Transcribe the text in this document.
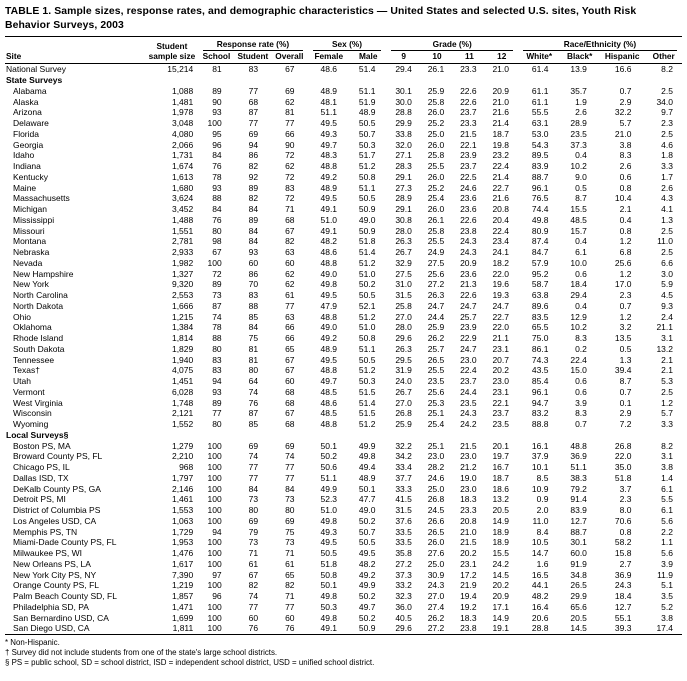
TABLE 1. Sample sizes, response rates, and demographic characteristics — United States and selected U.S. sites, Youth Risk Behavior Surveys, 2003
	Student	Response rate (%)			Sex (%)		Grade (%)				Race/Ethnicity (%)			

Site	sample size	School	Student	Overall	Female	Male	9	10	11	12	White*	Black*	Hispanic	Other
National Survey	15,214	81	83	67	48.6	51.4	29.4	26.1	23.3	21.0	61.4	13.9	16.6	8.2
State Surveys														
Alabama	1,088	89	77	69	48.9	51.1	30.1	25.9	22.6	20.9	61.1	35.7	0.7	2.5
Alaska	1,481	90	68	62	48.1	51.9	30.0	25.8	22.6	21.0	61.1	1.9	2.9	34.0
Arizona	1,978	93	87	81	51.1	48.9	28.8	26.0	23.7	21.6	55.5	2.6	32.2	9.7
Delaware	3,048	100	77	77	49.5	50.5	29.9	25.2	23.3	21.4	63.1	28.9	5.7	2.3
Florida	4,080	95	69	66	49.3	50.7	33.8	25.0	21.5	18.7	53.0	23.5	21.0	2.5
Georgia	2,066	96	94	90	49.7	50.3	32.0	26.0	22.1	19.8	54.3	37.3	3.8	4.6
Idaho	1,731	84	86	72	48.3	51.7	27.1	25.8	23.9	23.2	89.5	0.4	8.3	1.8
Indiana	1,674	76	82	62	48.8	51.2	28.3	25.5	23.7	22.4	83.9	10.2	2.6	3.3
Kentucky	1,613	78	92	72	49.2	50.8	29.1	26.0	22.5	21.4	88.7	9.0	0.6	1.7
Maine	1,680	93	89	83	48.9	51.1	27.3	25.2	24.6	22.7	96.1	0.5	0.8	2.6
Massachusetts	3,624	88	82	72	49.5	50.5	28.9	25.4	23.6	21.6	76.5	8.7	10.4	4.3
Michigan	3,452	84	84	71	49.1	50.9	29.1	26.0	23.6	20.8	74.4	15.5	2.1	4.1
Mississippi	1,488	76	89	68	51.0	49.0	30.8	26.1	22.6	20.4	49.8	48.5	0.4	1.3
Missouri	1,551	80	84	67	49.1	50.9	28.0	25.8	23.8	22.4	80.9	15.7	0.8	2.5
Montana	2,781	98	84	82	48.2	51.8	26.3	25.5	24.3	23.4	87.4	0.4	1.2	11.0
Nebraska	2,933	67	93	63	48.6	51.4	26.7	24.9	24.3	24.1	84.7	6.1	6.8	2.5
Nevada	1,982	100	60	60	48.8	51.2	32.9	27.5	20.9	18.2	57.9	10.0	25.6	6.6
New Hampshire	1,327	72	86	62	49.0	51.0	27.5	25.6	23.6	22.0	95.2	0.6	1.2	3.0
New York	9,320	89	70	62	49.8	50.2	31.0	27.2	21.3	19.6	58.7	18.4	17.0	5.9
North Carolina	2,553	73	83	61	49.5	50.5	31.5	26.3	22.6	19.3	63.8	29.4	2.3	4.5
North Dakota	1,666	87	88	77	47.9	52.1	25.8	24.7	24.7	24.7	89.6	0.4	0.7	9.3
Ohio	1,215	74	85	63	48.8	51.2	27.0	24.4	25.7	22.7	83.5	12.9	1.2	2.4
Oklahoma	1,384	78	84	66	49.0	51.0	28.0	25.9	23.9	22.0	65.5	10.2	3.2	21.1
Rhode Island	1,814	88	75	66	49.2	50.8	29.6	26.2	22.9	21.1	75.0	8.3	13.5	3.1
South Dakota	1,829	80	81	65	48.9	51.1	26.3	25.7	24.7	23.1	86.1	0.2	0.5	13.2
Tennessee	1,940	83	81	67	49.5	50.5	29.5	26.5	23.0	20.7	74.3	22.4	1.3	2.1
Texas†	4,075	83	80	67	48.8	51.2	31.9	25.5	22.4	20.2	43.5	15.0	39.4	2.1
Utah	1,451	94	64	60	49.7	50.3	24.0	23.5	23.7	23.0	85.4	0.6	8.7	5.3
Vermont	6,028	93	74	68	48.5	51.5	26.7	25.6	24.4	23.1	96.1	0.6	0.7	2.5
West Virginia	1,748	89	76	68	48.6	51.4	27.0	25.3	23.5	22.1	94.7	3.9	0.1	1.2
Wisconsin	2,121	77	87	67	48.5	51.5	26.8	25.1	24.3	23.7	83.2	8.3	2.9	5.7
Wyoming	1,552	80	85	68	48.8	51.2	25.9	25.4	24.2	23.5	88.8	0.7	7.2	3.3
Local Surveys§														
Boston PS, MA	1,279	100	69	69	50.1	49.9	32.2	25.1	21.5	20.1	16.1	48.8	26.8	8.2
Broward County PS, FL	2,210	100	74	74	50.2	49.8	34.2	23.0	23.0	19.7	37.9	36.9	22.0	3.1
Chicago PS, IL	968	100	77	77	50.6	49.4	33.4	28.2	21.2	16.7	10.1	51.1	35.0	3.8
Dallas ISD, TX	1,797	100	77	77	51.1	48.9	37.7	24.6	19.0	18.7	8.5	38.3	51.8	1.4
DeKalb County PS, GA	2,146	100	84	84	49.9	50.1	33.3	25.0	23.0	18.6	10.9	79.2	3.7	6.1
Detroit PS, MI	1,461	100	73	73	52.3	47.7	41.5	26.8	18.3	13.2	0.9	91.4	2.3	5.5
District of Columbia PS	1,553	100	80	80	51.0	49.0	31.5	24.5	23.3	20.5	2.0	83.9	8.0	6.1
Los Angeles USD, CA	1,063	100	69	69	49.8	50.2	37.6	26.6	20.8	14.9	11.0	12.7	70.6	5.6
Memphis PS, TN	1,729	94	79	75	49.3	50.7	33.5	26.5	21.0	18.9	8.4	88.7	0.8	2.2
Miami-Dade County PS, FL	1,953	100	73	73	49.5	50.5	33.5	26.0	21.5	18.9	10.5	30.1	58.2	1.1
Milwaukee PS, WI	1,476	100	71	71	50.5	49.5	35.8	27.6	20.2	15.5	14.7	60.0	15.8	5.6
New Orleans PS, LA	1,617	100	61	61	51.8	48.2	27.2	25.0	23.1	24.2	1.6	91.9	2.7	3.9
New York City PS, NY	7,390	97	67	65	50.8	49.2	37.3	30.9	17.2	14.5	16.5	34.8	36.9	11.9
Orange County PS, FL	1,219	100	82	82	50.1	49.9	33.2	24.3	21.9	20.2	44.1	26.5	24.3	5.1
Palm Beach County SD, FL	1,857	96	74	71	49.8	50.2	32.3	27.0	19.4	20.9	48.2	29.9	18.4	3.5
Philadelphia SD, PA	1,471	100	77	77	50.3	49.7	36.0	27.4	19.2	17.1	16.4	65.6	12.7	5.2
San Bernardino USD, CA	1,699	100	60	60	49.8	50.2	40.5	26.2	18.3	14.9	20.6	20.5	55.1	3.8
San Diego USD, CA	1,811	100	76	76	49.1	50.9	29.6	27.2	23.8	19.1	28.8	14.5	39.3	17.4
* Non-Hispanic.
† Survey did not include students from one of the state's large school districts.
§ PS = public school, SD = school district, ISD = independent school district, USD = unified school district.
